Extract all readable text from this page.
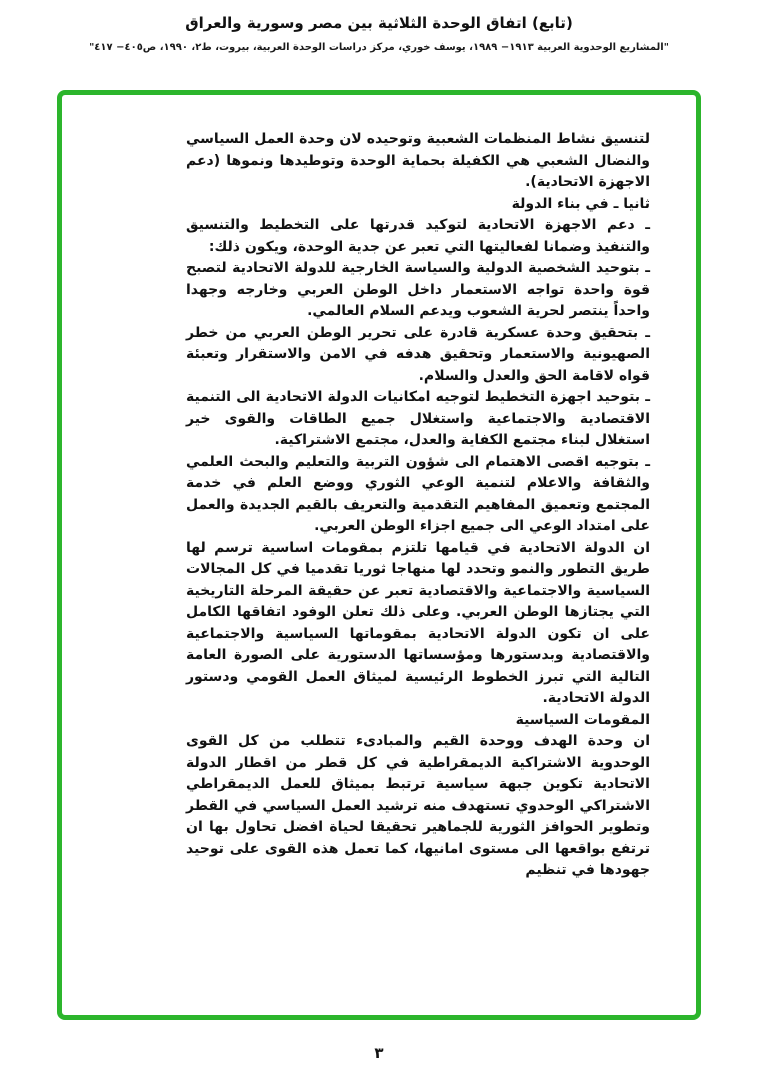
(تابع) اتفاق الوحدة الثلاثية بين مصر وسورية والعراق
"المشاريع الوحدوية العربية ١٩١٣− ١٩٨٩، يوسف خوري، مركز دراسات الوحدة العربية، بيروت، ط٢، ١٩٩٠، ص٤٠٥− ٤١٧"

لتنسيق نشاط المنظمات الشعبية وتوحيده لان وحدة العمل السياسي والنضال الشعبي هي الكفيلة بحماية الوحدة وتوطيدها ونموها (دعم الاجهزة الاتحادية).

ثانيا ـ في بناء الدولة

ـ دعم الاجهزة الاتحادية لتوكيد قدرتها على التخطيط والتنسيق والتنفيذ وضمانا لفعاليتها التي تعبر عن جدية الوحدة، ويكون ذلك:

ـ بتوحيد الشخصية الدولية والسياسة الخارجية للدولة الاتحادية لتصبح قوة واحدة تواجه الاستعمار داخل الوطن العربي وخارجه وجهدا واحداً ينتصر لحرية الشعوب ويدعم السلام العالمي.

ـ بتحقيق وحدة عسكرية قادرة على تحرير الوطن العربي من خطر الصهيونية والاستعمار وتحقيق هدفه في الامن والاستقرار وتعبئة قواه لاقامة الحق والعدل والسلام.

ـ بتوحيد اجهزة التخطيط لتوجيه امكانيات الدولة الاتحادية الى التنمية الاقتصادية والاجتماعية واستغلال جميع الطاقات والقوى خير استغلال لبناء مجتمع الكفاية والعدل، مجتمع الاشتراكية.

ـ بتوجيه اقصى الاهتمام الى شؤون التربية والتعليم والبحث العلمي والثقافة والاعلام لتنمية الوعي الثوري ووضع العلم في خدمة المجتمع وتعميق المفاهيم التقدمية والتعريف بالقيم الجديدة والعمل على امتداد الوعي الى جميع اجزاء الوطن العربي.

ان الدولة الاتحادية في قيامها تلتزم بمقومات اساسية ترسم لها طريق التطور والنمو وتحدد لها منهاجا ثوريا تقدميا في كل المجالات السياسية والاجتماعية والاقتصادية تعبر عن حقيقة المرحلة التاريخية التي يجتازها الوطن العربي. وعلى ذلك تعلن الوفود اتفاقها الكامل على ان تكون الدولة الاتحادية بمقوماتها السياسية والاجتماعية والاقتصادية وبدستورها ومؤسساتها الدستورية على الصورة العامة التالية التي تبرز الخطوط الرئيسية لميثاق العمل القومي ودستور الدولة الاتحادية.

المقومات السياسية

ان وحدة الهدف ووحدة القيم والمبادىء تتطلب من كل القوى الوحدوية الاشتراكية الديمقراطية في كل قطر من اقطار الدولة الاتحادية تكوين جبهة سياسية ترتبط بميثاق للعمل الديمقراطي الاشتراكي الوحدوي تستهدف منه ترشيد العمل السياسي في القطر وتطوير الحوافز الثورية للجماهير تحقيقا لحياة افضل تحاول بها ان ترتفع بواقعها الى مستوى امانيها، كما تعمل هذه القوى على توحيد جهودها في تنظيم

٣
